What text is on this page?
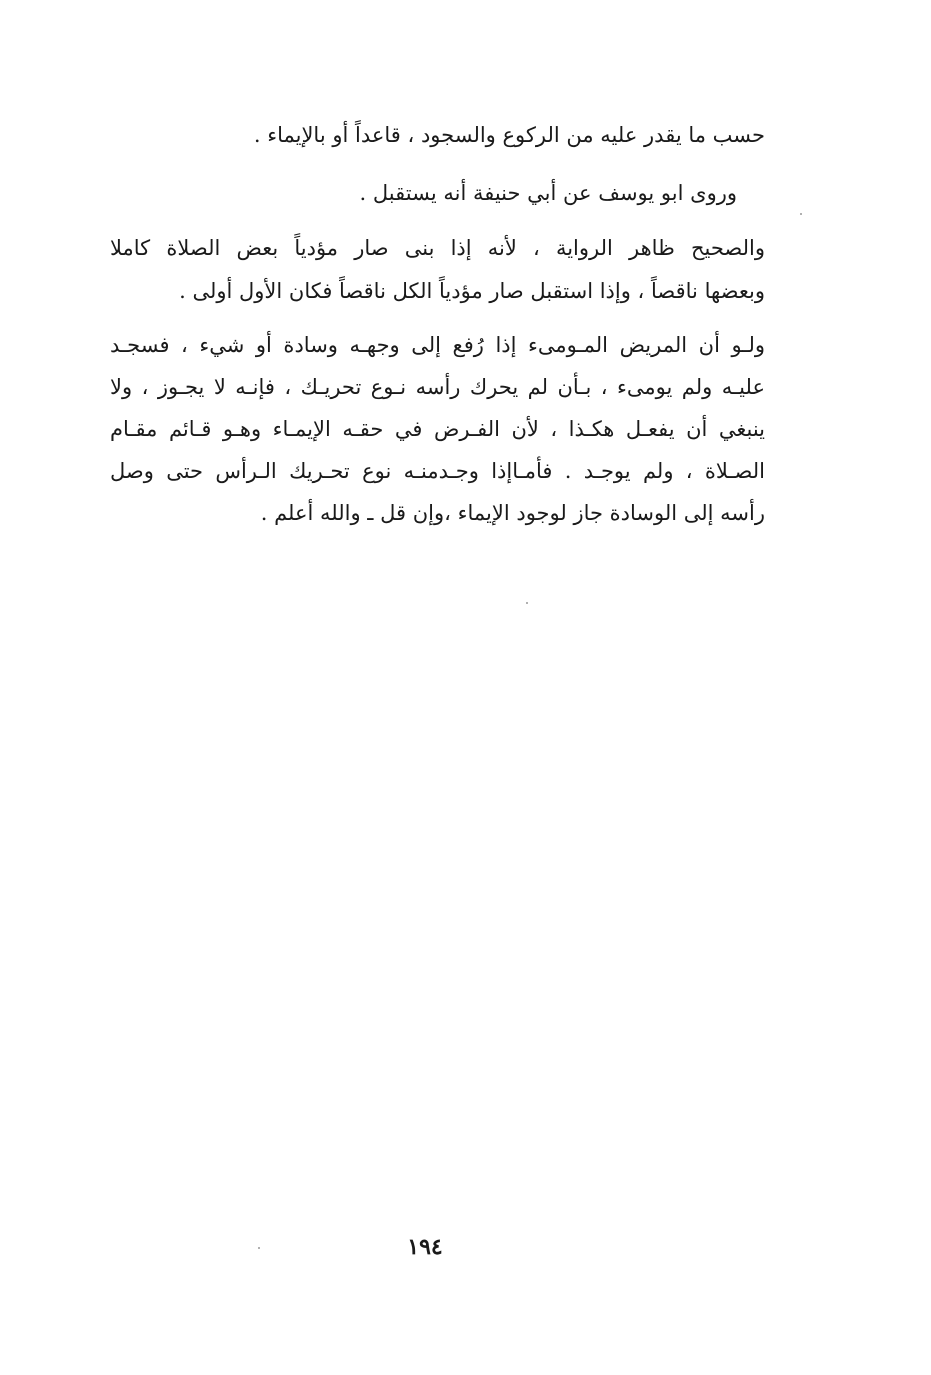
حسب ما يقدر عليه من الركوع والسجود ، قاعداً أو بالإيماء .
وروى ابو يوسف عن أبي حنيفة أنه يستقبل .
والصحيح ظاهر الرواية ، لأنه إذا بنى صار مؤدياً بعض الصلاة كاملا
وبعضها ناقصاً ، وإذا استقبل صار مؤدياً الكل ناقصاً فكان الأول أولى .
ولـو أن المريض المـومىء إذا رُفع إلى وجهـه وسادة أو شيء ، فسجـد
عليـه ولم يومىء ، بـأن لم يحرك رأسه نـوع تحريـك ، فإنـه لا يجـوز ، ولا
ينبغي أن يفعـل هكـذا ، لأن الفـرض في حقـه الإيمـاء وهـو قـائم مقـام
الصـلاة ، ولم يوجـد . فأمـاإذا وجـدمنـه نوع تحـريك الـرأس حتى وصل
رأسه إلى الوسادة جاز لوجود الإيماء ،وإن قل ـ والله أعلم .
١٩٤
